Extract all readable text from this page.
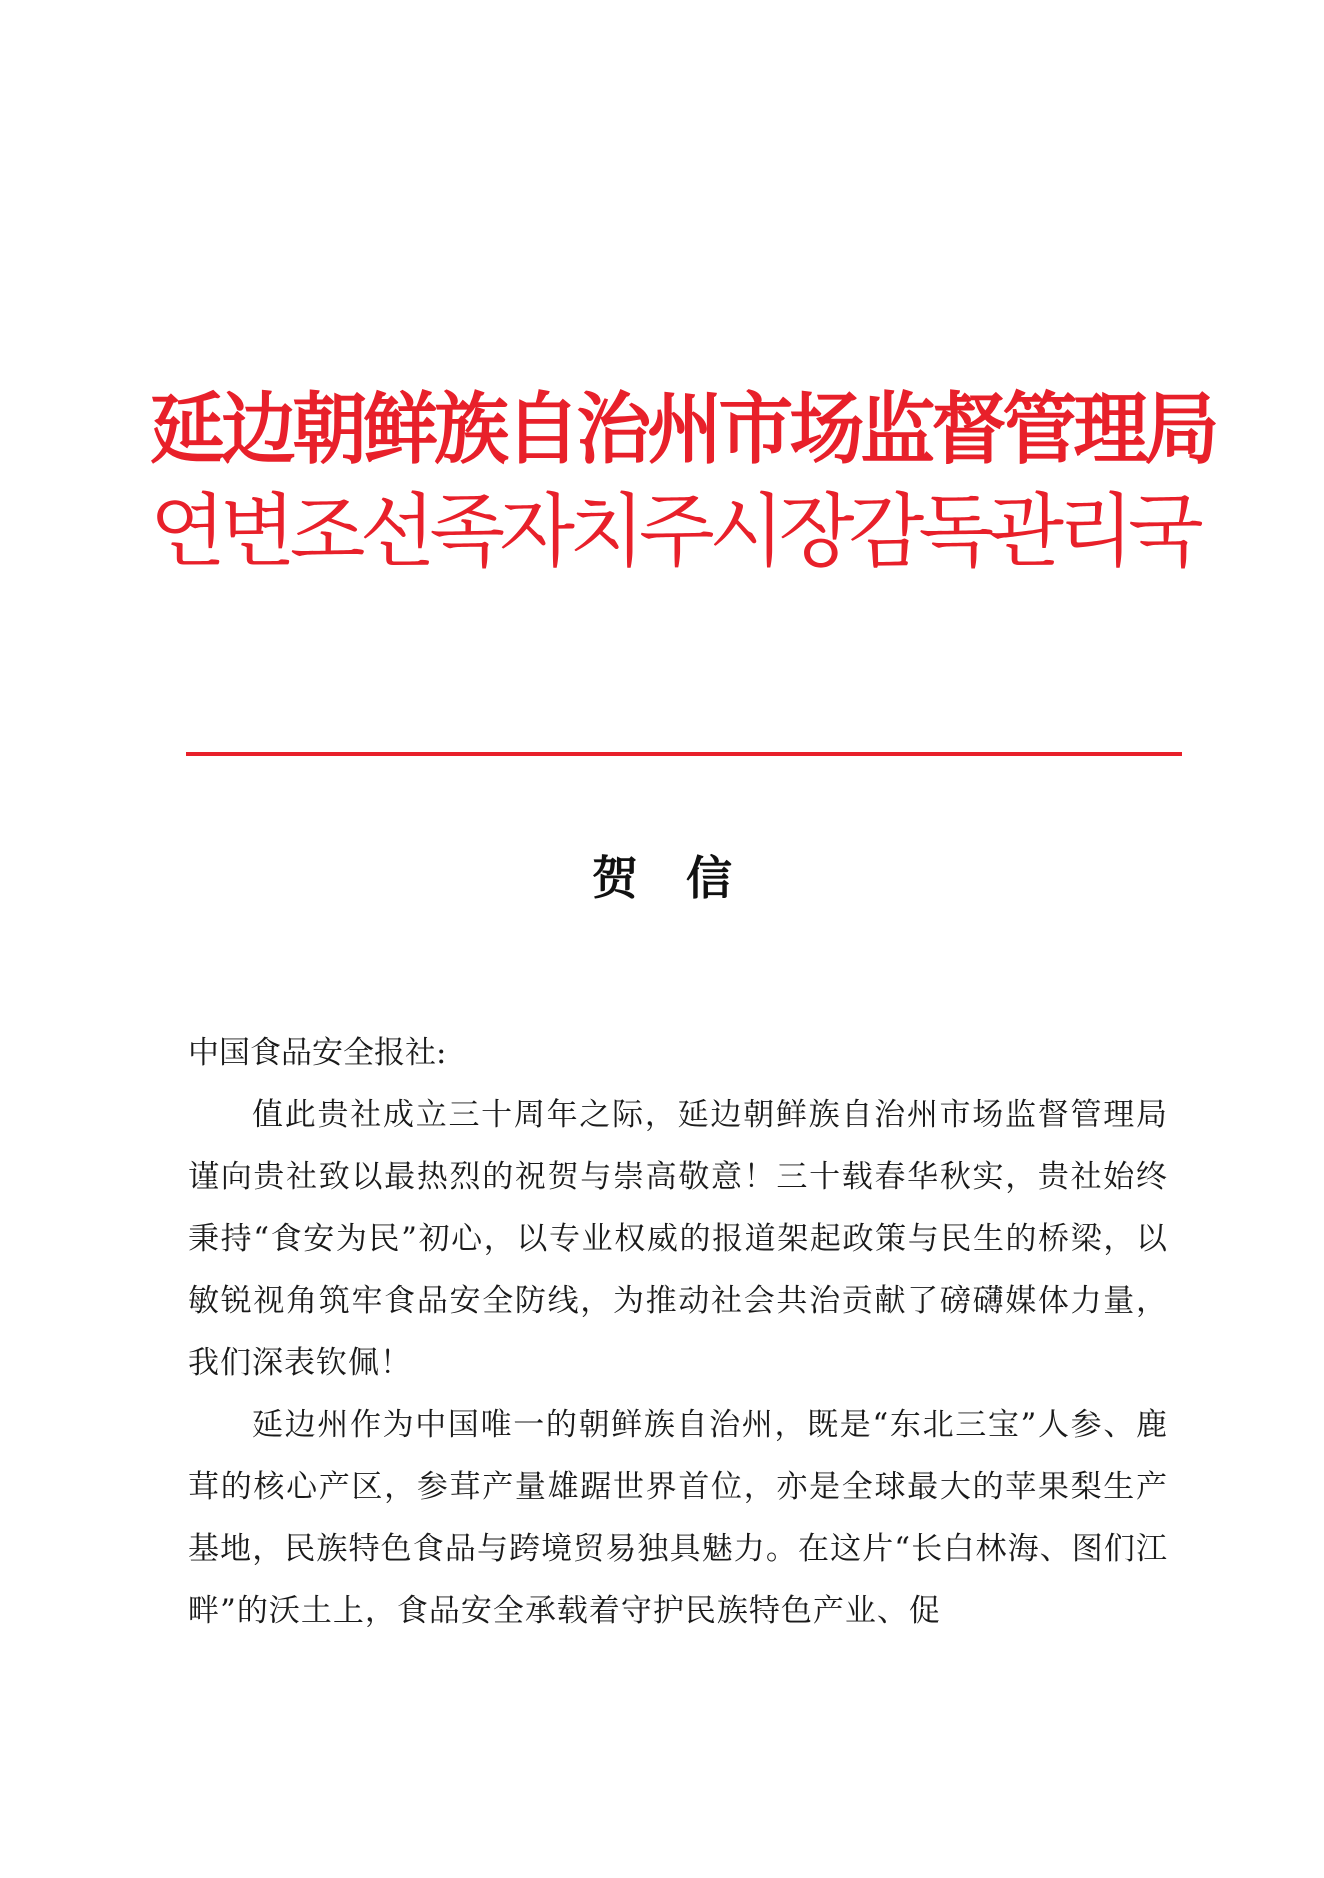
延边朝鲜族自治州市场监督管理局
연변조선족자치주시장감독관리국
贺信

中国食品安全报社:

值此贵社成立三十周年之际，延边朝鲜族自治州市场监督管理局谨向贵社致以最热烈的祝贺与崇高敬意！三十载春华秋实，贵社始终秉持“食安为民”初心，以专业权威的报道架起政策与民生的桥梁，以敏锐视角筑牢食品安全防线，为推动社会共治贡献了磅礴媒体力量，我们深表钦佩！

延边州作为中国唯一的朝鲜族自治州，既是“东北三宝”人参、鹿茸的核心产区，参茸产量雄踞世界首位，亦是全球最大的苹果梨生产基地，民族特色食品与跨境贸易独具魅力。在这片“长白林海、图们江畔”的沃土上，食品安全承载着守护民族特色产业、促
